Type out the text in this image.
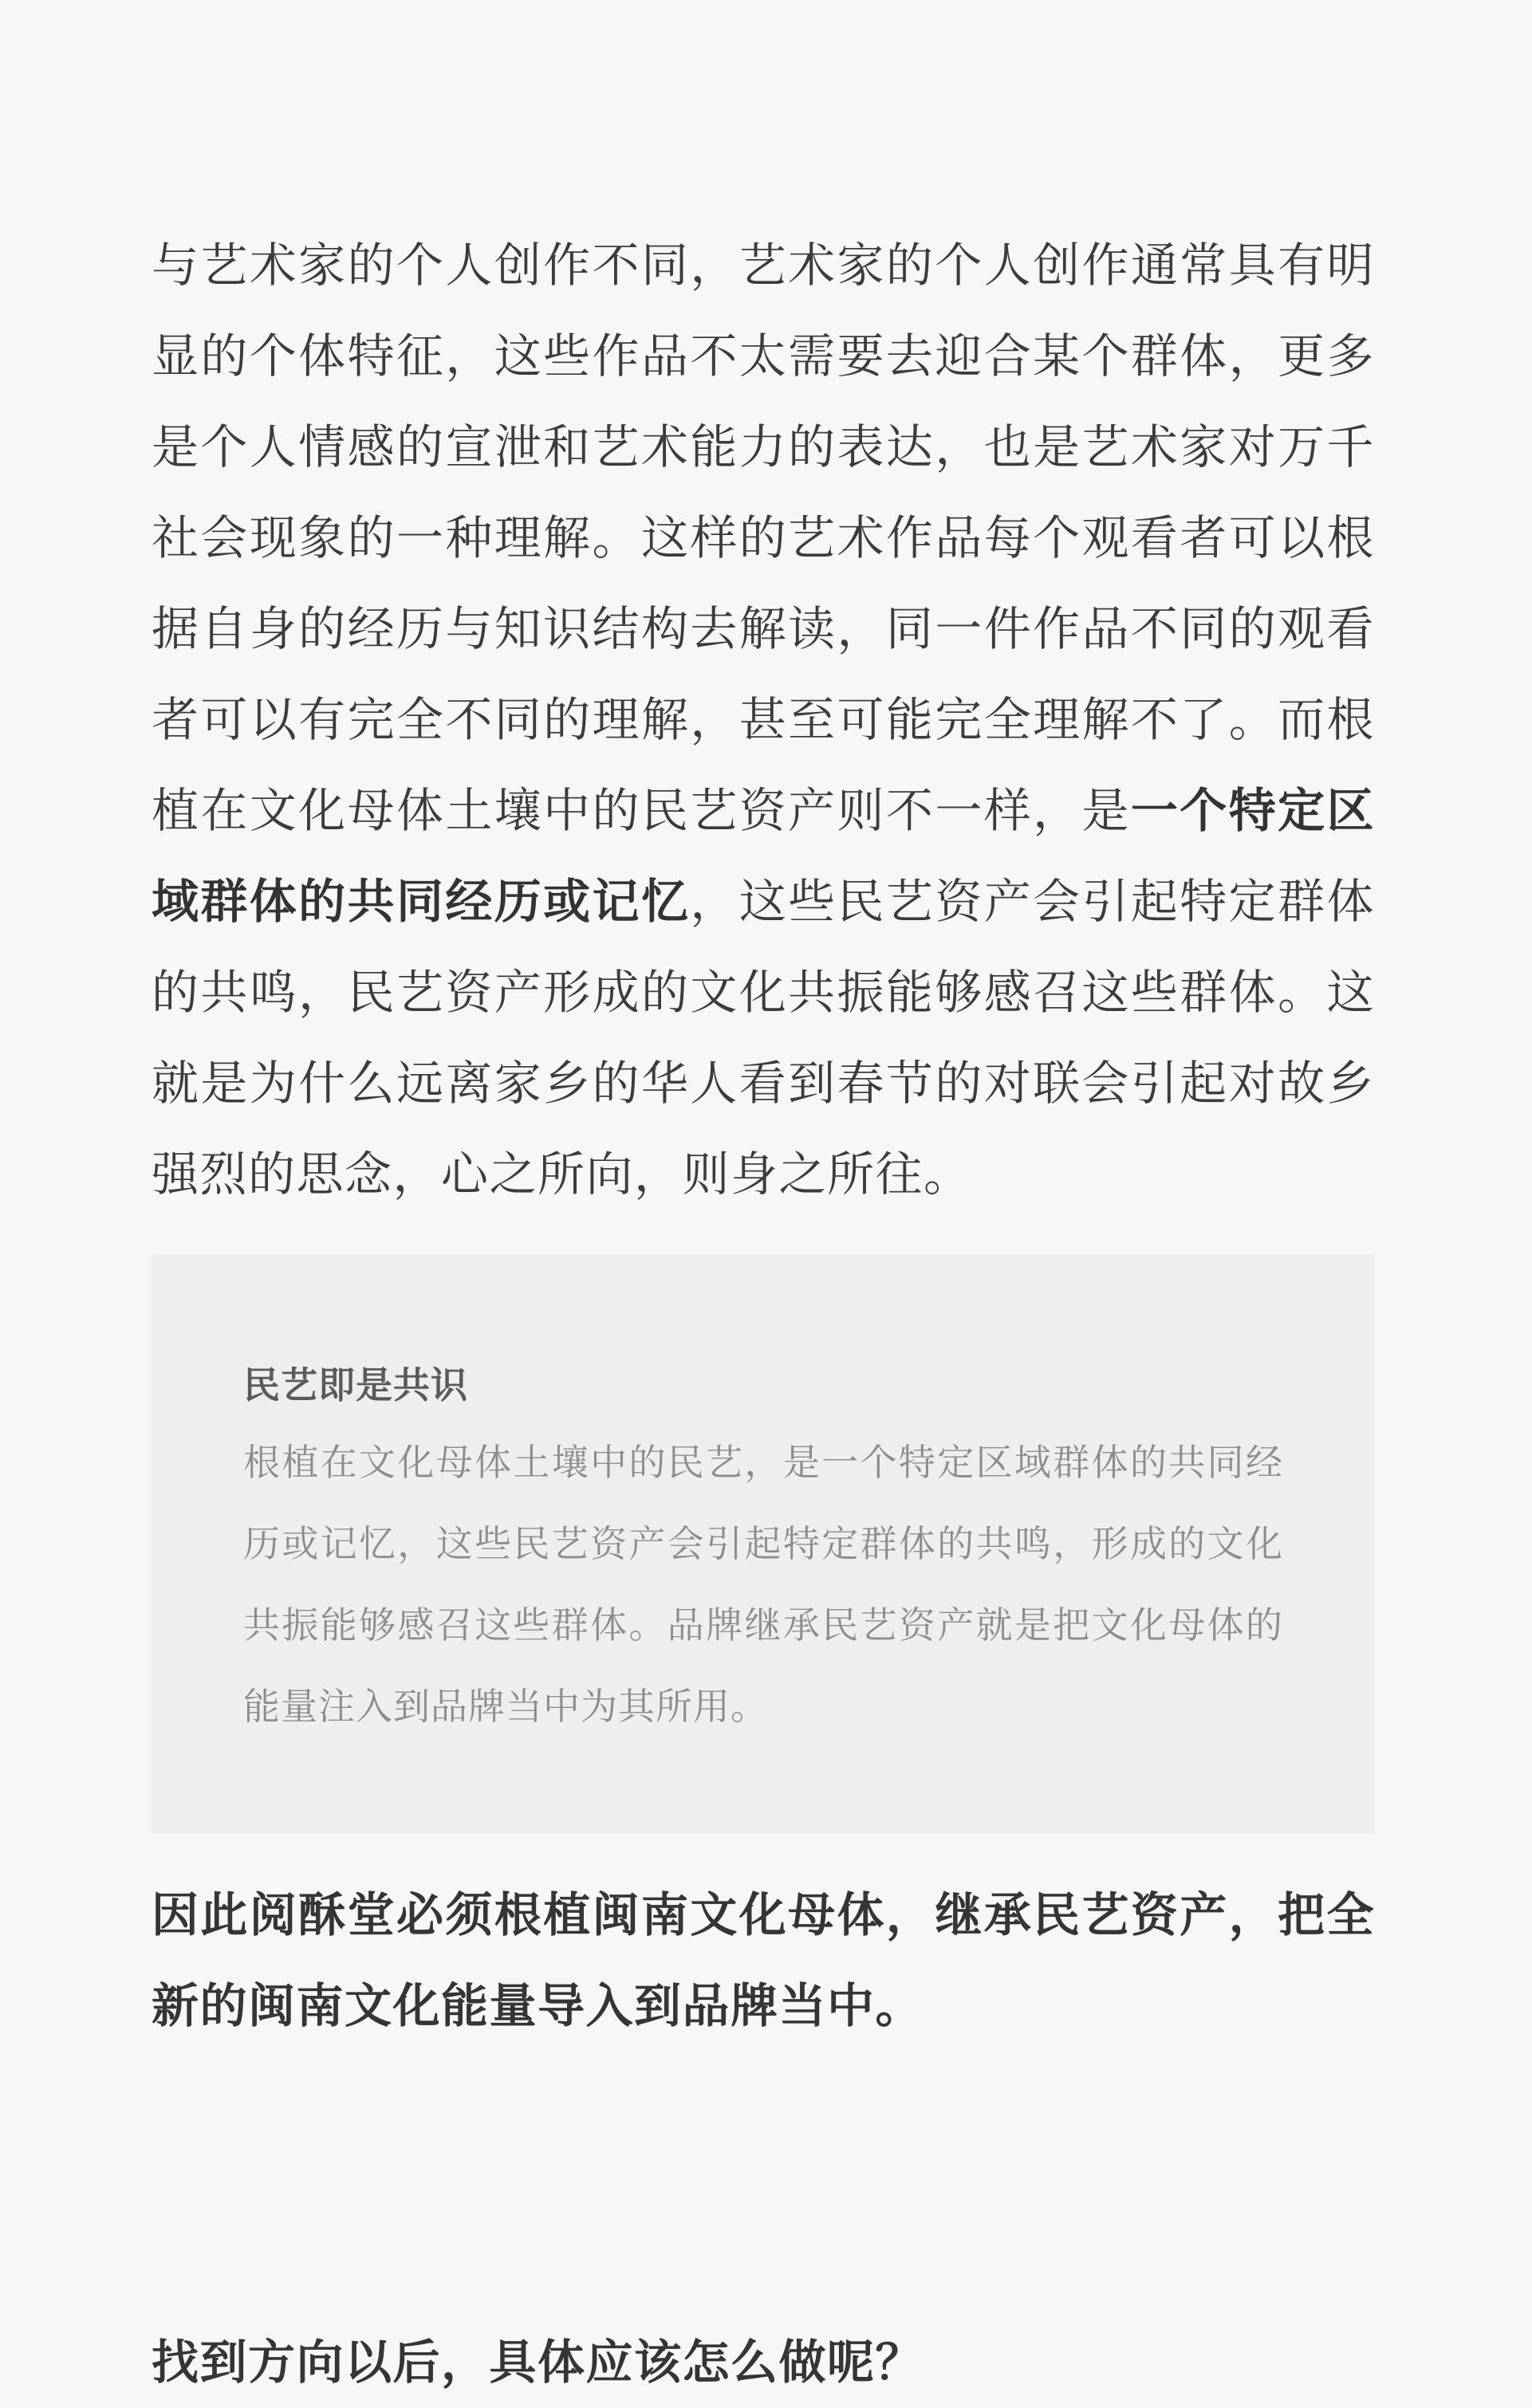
与艺术家的个人创作不同，艺术家的个人创作通常具有明显的个体特征，这些作品不太需要去迎合某个群体，更多是个人情感的宣泄和艺术能力的表达，也是艺术家对万千社会现象的一种理解。这样的艺术作品每个观看者可以根据自身的经历与知识结构去解读，同一件作品不同的观看者可以有完全不同的理解，甚至可能完全理解不了。而根植在文化母体土壤中的民艺资产则不一样，是一个特定区域群体的共同经历或记忆，这些民艺资产会引起特定群体的共鸣，民艺资产形成的文化共振能够感召这些群体。这就是为什么远离家乡的华人看到春节的对联会引起对故乡强烈的思念，心之所向，则身之所往。

民艺即是共识

根植在文化母体土壤中的民艺，是一个特定区域群体的共同经历或记忆，这些民艺资产会引起特定群体的共鸣，形成的文化共振能够感召这些群体。品牌继承民艺资产就是把文化母体的能量注入到品牌当中为其所用。

因此阅酥堂必须根植闽南文化母体，继承民艺资产，把全新的闽南文化能量导入到品牌当中。

找到方向以后，具体应该怎么做呢？
